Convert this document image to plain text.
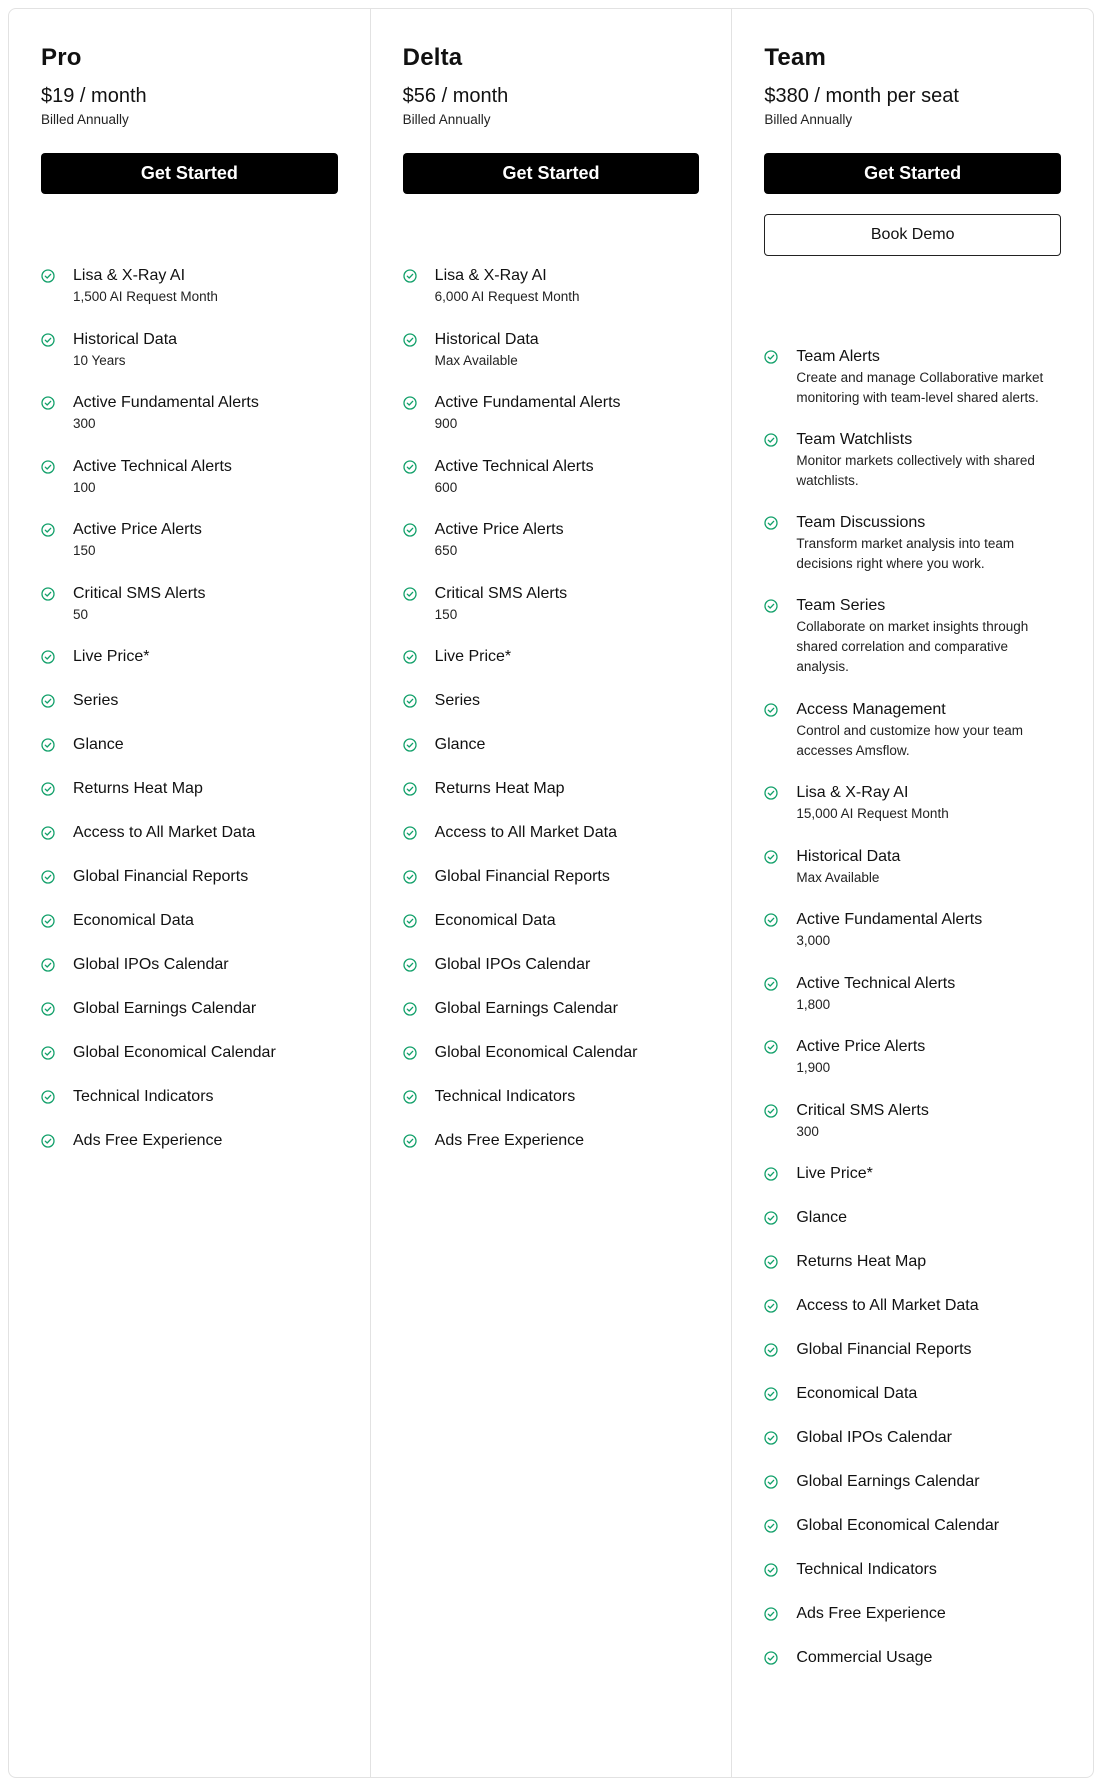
Pro
$19 / month
Billed Annually
Get Started
Lisa & X-Ray AI
1,500 AI Request Month
Historical Data
10 Years
Active Fundamental Alerts
300
Active Technical Alerts
100
Active Price Alerts
150
Critical SMS Alerts
50
Live Price*
Series
Glance
Returns Heat Map
Access to All Market Data
Global Financial Reports
Economical Data
Global IPOs Calendar
Global Earnings Calendar
Global Economical Calendar
Technical Indicators
Ads Free Experience
Delta
$56 / month
Billed Annually
Get Started
Lisa & X-Ray AI
6,000 AI Request Month
Historical Data
Max Available
Active Fundamental Alerts
900
Active Technical Alerts
600
Active Price Alerts
650
Critical SMS Alerts
150
Live Price*
Series
Glance
Returns Heat Map
Access to All Market Data
Global Financial Reports
Economical Data
Global IPOs Calendar
Global Earnings Calendar
Global Economical Calendar
Technical Indicators
Ads Free Experience
Team
$380 / month per seat
Billed Annually
Get Started
Book Demo
Team Alerts
Create and manage Collaborative market monitoring with team-level shared alerts.
Team Watchlists
Monitor markets collectively with shared watchlists.
Team Discussions
Transform market analysis into team decisions right where you work.
Team Series
Collaborate on market insights through shared correlation and comparative analysis.
Access Management
Control and customize how your team accesses Amsflow.
Lisa & X-Ray AI
15,000 AI Request Month
Historical Data
Max Available
Active Fundamental Alerts
3,000
Active Technical Alerts
1,800
Active Price Alerts
1,900
Critical SMS Alerts
300
Live Price*
Glance
Returns Heat Map
Access to All Market Data
Global Financial Reports
Economical Data
Global IPOs Calendar
Global Earnings Calendar
Global Economical Calendar
Technical Indicators
Ads Free Experience
Commercial Usage
